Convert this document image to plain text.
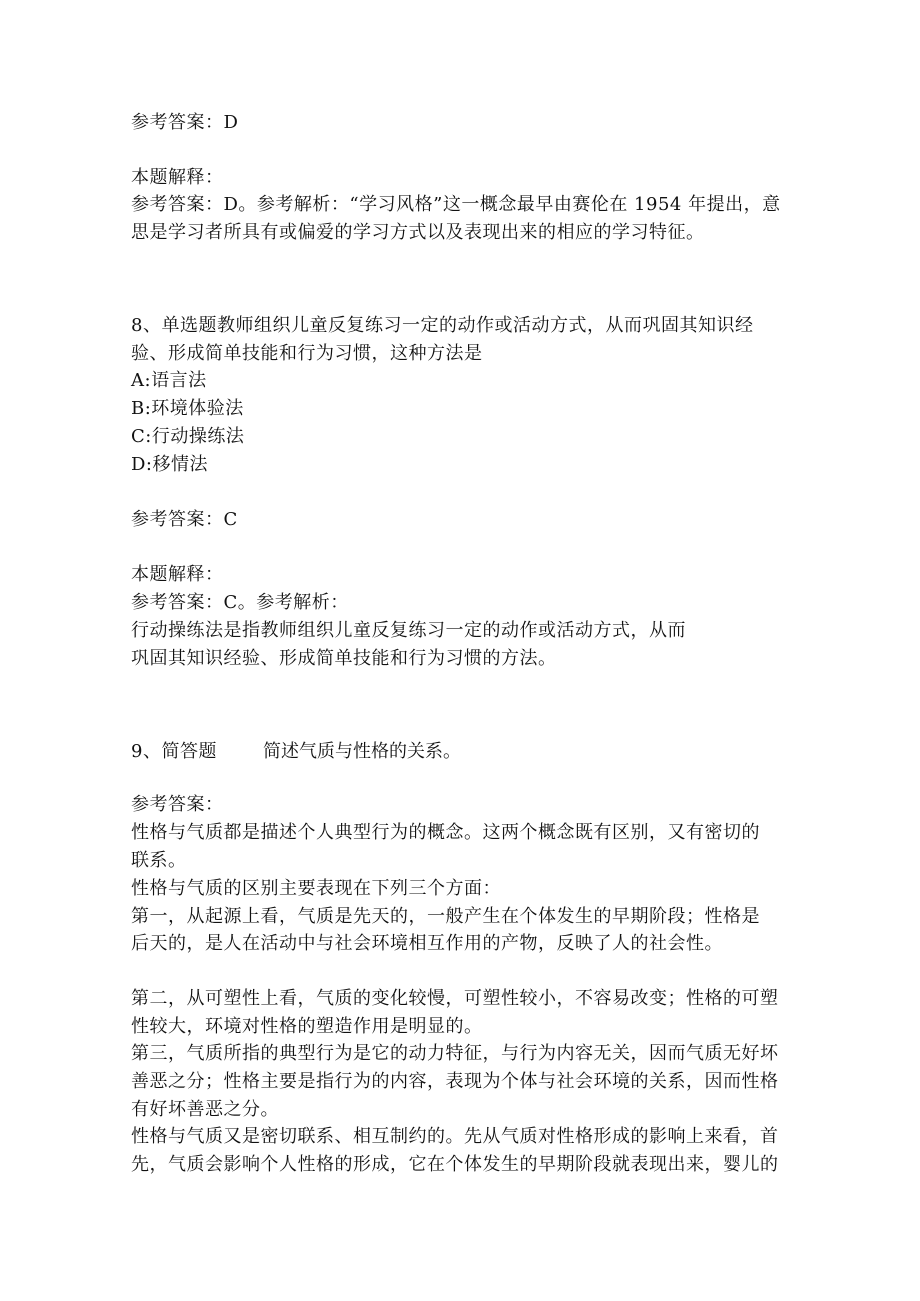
参考答案：D
本题解释：
参考答案：D。参考解析：“学习风格”这一概念最早由赛伦在 1954 年提出，意
思是学习者所具有或偏爱的学习方式以及表现出来的相应的学习特征。
8、单选题教师组织儿童反复练习一定的动作或活动方式，从而巩固其知识经
验、形成简单技能和行为习惯，这种方法是
A:语言法
B:环境体验法
C:行动操练法
D:移情法
参考答案：C
本题解释：
参考答案：C。参考解析：
行动操练法是指教师组织儿童反复练习一定的动作或活动方式，从而
巩固其知识经验、形成简单技能和行为习惯的方法。
9、简答题	简述气质与性格的关系。
参考答案：
性格与气质都是描述个人典型行为的概念。这两个概念既有区别，又有密切的
联系。
性格与气质的区别主要表现在下列三个方面：
第一，从起源上看，气质是先天的，一般产生在个体发生的早期阶段；性格是
后天的，是人在活动中与社会环境相互作用的产物，反映了人的社会性。
第二，从可塑性上看，气质的变化较慢，可塑性较小，不容易改变；性格的可塑
性较大，环境对性格的塑造作用是明显的。
第三，气质所指的典型行为是它的动力特征，与行为内容无关，因而气质无好坏
善恶之分；性格主要是指行为的内容，表现为个体与社会环境的关系，因而性格
有好坏善恶之分。
性格与气质又是密切联系、相互制约的。先从气质对性格形成的影响上来看，首
先，气质会影响个人性格的形成，它在个体发生的早期阶段就表现出来，婴儿的
